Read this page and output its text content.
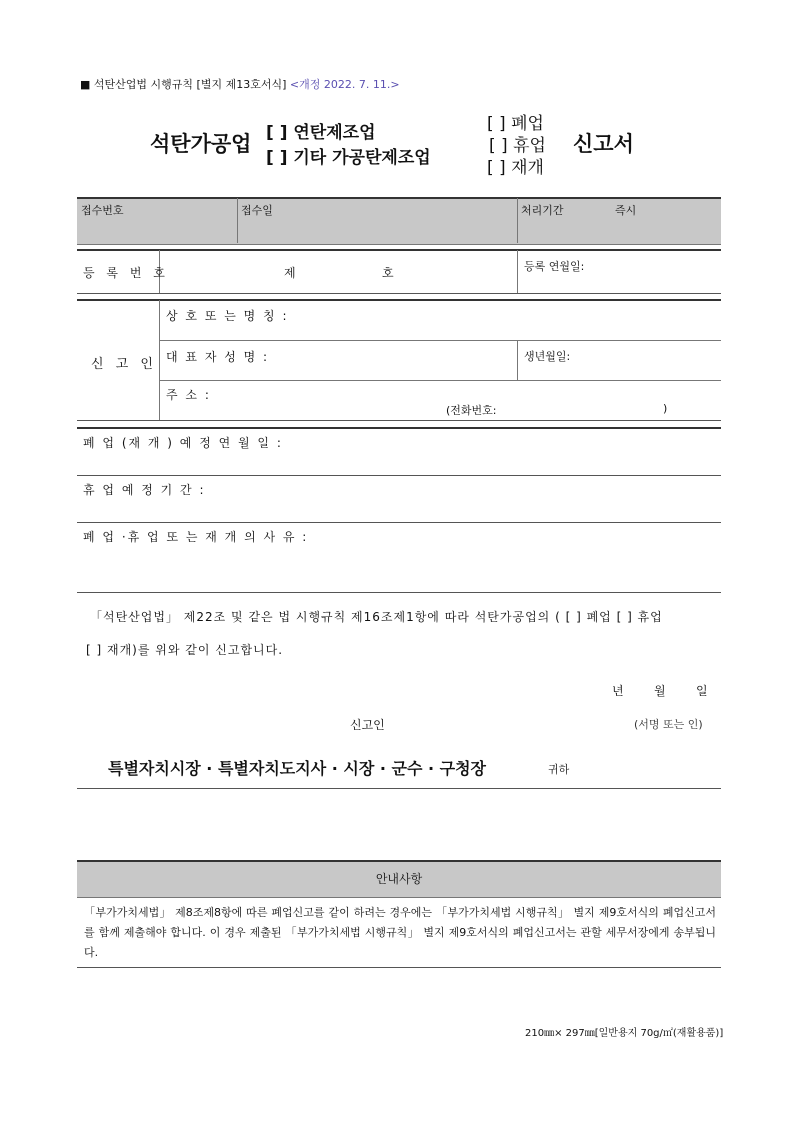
■ 석탄산업법 시행규칙 [별지 제13호서식] <개정 2022. 7. 11.>
석탄가공업 [ ] 연탄제조업
[ ] 기타 가공탄제조업
[ ] 폐업
[ ] 휴업
[ ] 재개
신고서
접수번호	접수일	처리기간	즉시
등 록 번 호	제	호	등록 연월일:
신 고 인
상 호 또 는 명 칭 :
대 표 자 성 명 :	생년월일:
주 소 :
(전화번호:	)
폐 업 (재 개 ) 예 정 연 월 일 :
휴 업 예 정 기 간 :
폐 업 ·휴 업 또 는 재 개 의 사 유 :
「석탄산업법」 제22조 및 같은 법 시행규칙 제16조제1항에 따라 석탄가공업의 ( [ ] 폐업 [ ] 휴업
[ ] 재개)를 위와 같이 신고합니다.
년	월	일
신고인	(서명 또는 인)
특별자치시장 · 특별자치도지사 · 시장 · 군수 · 구청장	귀하
안내사항
「부가가치세법」 제8조제8항에 따른 폐업신고를 같이 하려는 경우에는 「부가가치세법 시행규칙」 별지 제9호서식의 폐업신고서를 함께 제출해야 합니다. 이 경우 제출된 「부가가치세법 시행규칙」 별지 제9호서식의 폐업신고서는 관할 세무서장에게 송부됩니다.
210㎜× 297㎜[일반용지 70g/㎡(재활용품)]
